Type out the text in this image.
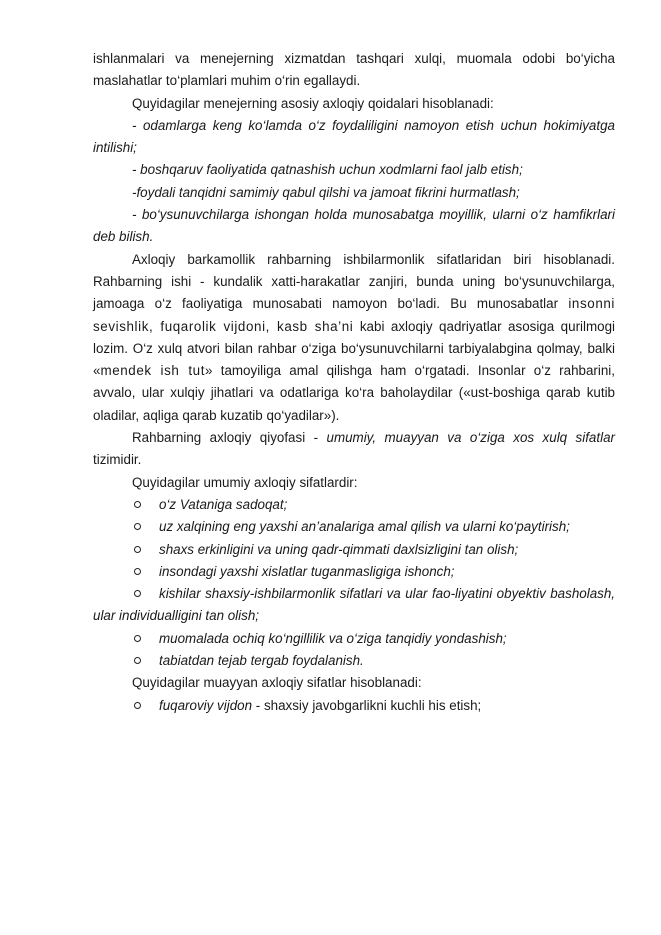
ishlanmalari va menejerning xizmatdan tashqari xulqi, muomala odobi bo‘yicha maslahatlar to‘plamlari muhim o‘rin egallaydi.

Quyidagilar menejerning asosiy axloqiy qoidalari hisoblanadi:

- odamlarga keng ko‘lamda o‘z foydaliligini namoyon etish uchun hokimiyatga intilishi;

- boshqaruv faoliyatida qatnashish uchun xodmlarni faol jalb etish;

-foydali tanqidni samimiy qabul qilshi va jamoat fikrini hurmatlash;

- bo‘ysunuvchilarga ishongan holda munosabatga moyillik, ularni o‘z hamfikrlari deb bilish.

Axloqiy barkamollik rahbarning ishbilarmonlik sifatlaridan biri hisoblanadi. Rahbarning ishi - kundalik xatti-harakatlar zanjiri, bunda uning bo‘ysunuvchilarga, jamoaga o‘z faoliyatiga munosabati namoyon bo‘ladi. Bu munosabatlar insonni sevishlik, fuqarolik vijdoni, kasb sha’ni kabi axloqiy qadriyatlar asosiga qurilmogi lozim. O‘z xulq atvori bilan rahbar o‘ziga bo‘ysunuvchilarni tarbiyalabgina qolmay, balki «mendek ish tut» tamoyiliga amal qilishga ham o‘rgatadi. Insonlar o‘z rahbarini, avvalo, ular xulqiy jihatlari va odatlariga ko‘ra baholaydilar («ust-boshiga qarab kutib oladilar, aqliga qarab kuzatib qo‘yadilar»).

Rahbarning axloqiy qiyofasi - umumiy, muayyan va o‘ziga xos xulq sifatlar tizimidir.

Quyidagilar umumiy axloqiy sifatlardir:

o‘z Vataniga sadoqat;

uz xalqining eng yaxshi an’analariga amal qilish va ularni ko‘paytirish;

shaxs erkinligini va uning qadr-qimmati daxlsizligini tan olish;

insondagi yaxshi xislatlar tuganmasligiga ishonch;

kishilar shaxsiy-ishbilarmonlik sifatlari va ular fao-liyatini obyektiv basholash, ular individualligini tan olish;

muomalada ochiq ko‘ngillilik va o‘ziga tanqidiy yondashish;

tabiatdan tejab tergab foydalanish.

Quyidagilar muayyan axloqiy sifatlar hisoblanadi:

fuqaroviy vijdon - shaxsiy javobgarlikni kuchli his etish;
